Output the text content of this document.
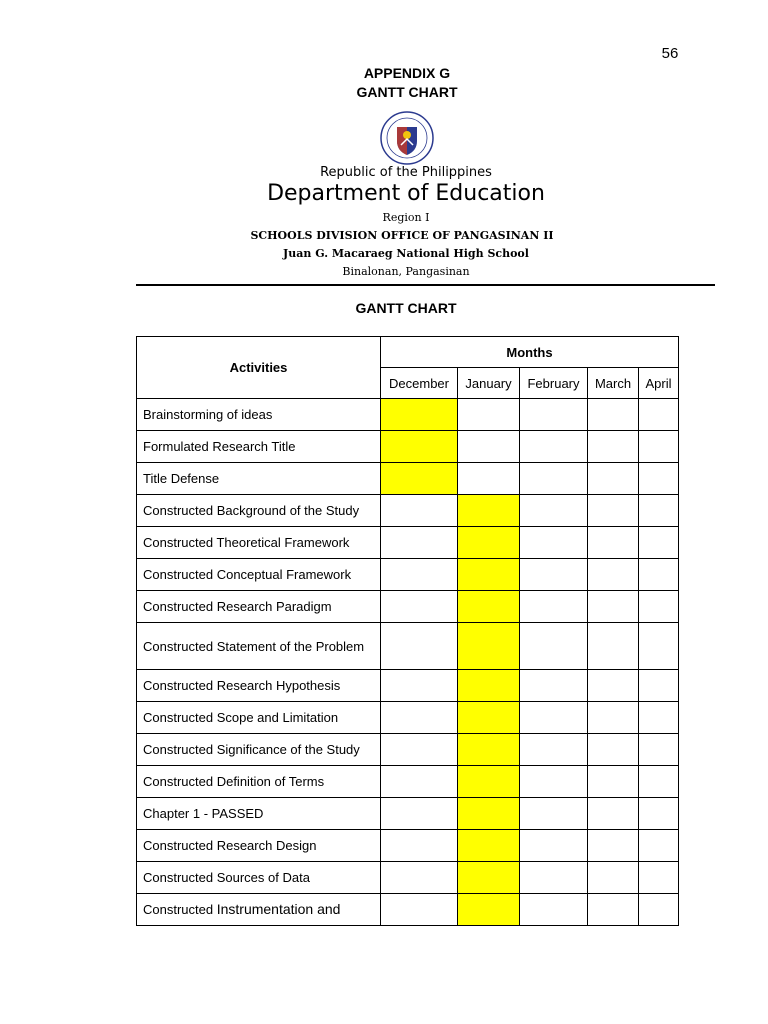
56
APPENDIX G
GANTT CHART
Republic of the Philippines
Department of Education
Region I
SCHOOLS DIVISION OFFICE OF PANGASINAN II
Juan G. Macaraeg National High School
Binalonan, Pangasinan
GANTT CHART
Activities	Months				
	December	January	February	March	April
Brainstorming of ideas					
Formulated Research Title					
Title Defense					
Constructed Background of the Study					
Constructed Theoretical Framework					
Constructed Conceptual Framework					
Constructed Research Paradigm					
Constructed Statement of the Problem					
Constructed Research Hypothesis					
Constructed Scope and Limitation					
Constructed Significance of the Study					
Constructed Definition of Terms					
Chapter 1 - PASSED					
Constructed Research Design					
Constructed Sources of Data					
Constructed Instrumentation and					
